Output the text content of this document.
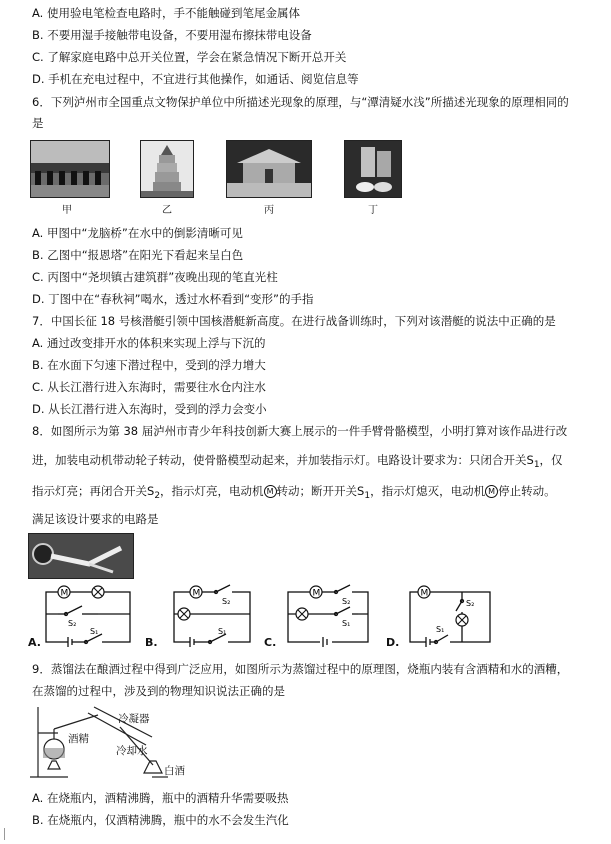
A. 使用验电笔检查电路时，手不能触碰到笔尾金属体
B. 不要用湿手接触带电设备，不要用湿布擦抹带电设备
C. 了解家庭电路中总开关位置，学会在紧急情况下断开总开关
D. 手机在充电过程中，不宜进行其他操作，如通话、阅览信息等
6．下列泸州市全国重点文物保护单位中所描述光现象的原理，与“潭清疑水浅”所描述光现象的原理相同的
是
甲	乙	丙	丁
A. 甲图中“龙脑桥”在水中的倒影清晰可见
B. 乙图中“报恩塔”在阳光下看起来呈白色
C. 丙图中“尧坝镇古建筑群”夜晚出现的笔直光柱
D. 丁图中在“春秋祠”喝水，透过水杯看到“变形”的手指
7．中国长征 18 号核潜艇引领中国核潜艇新高度。在进行战备训练时，下列对该潜艇的说法中正确的是
A. 通过改变排开水的体积来实现上浮与下沉的
B. 在水面下匀速下潜过程中，受到的浮力增大
C. 从长江潜行进入东海时，需要往水仓内注水
D. 从长江潜行进入东海时，受到的浮力会变小
8．如图所示为第 38 届泸州市青少年科技创新大赛上展示的一件手臂骨骼模型，小明打算对该作品进行改
进，加装电动机带动轮子转动，使骨骼模型动起来，并加装指示灯。电路设计要求为：只闭合开关$S_1$，仅
指示灯亮；再闭合开关$S_2$，指示灯亮，电动机 M 转动；断开开关$S_1$，指示灯熄灭，电动机 M 停止转动。
满足该设计要求的电路是
M
S₂
S₁
A.
M
S₂
S₁
B.
M
S₂
S₁
C.
M
S₂
S₁
D.
9．蒸馏法在酿酒过程中得到广泛应用，如图所示为蒸馏过程中的原理图，烧瓶内装有含酒精和水的酒糟，
在蒸馏的过程中，涉及到的物理知识说法正确的是
冷凝器
酒精
冷却水
白酒
A. 在烧瓶内，酒精沸腾，瓶中的酒精升华需要吸热
B. 在烧瓶内，仅酒精沸腾，瓶中的水不会发生汽化
